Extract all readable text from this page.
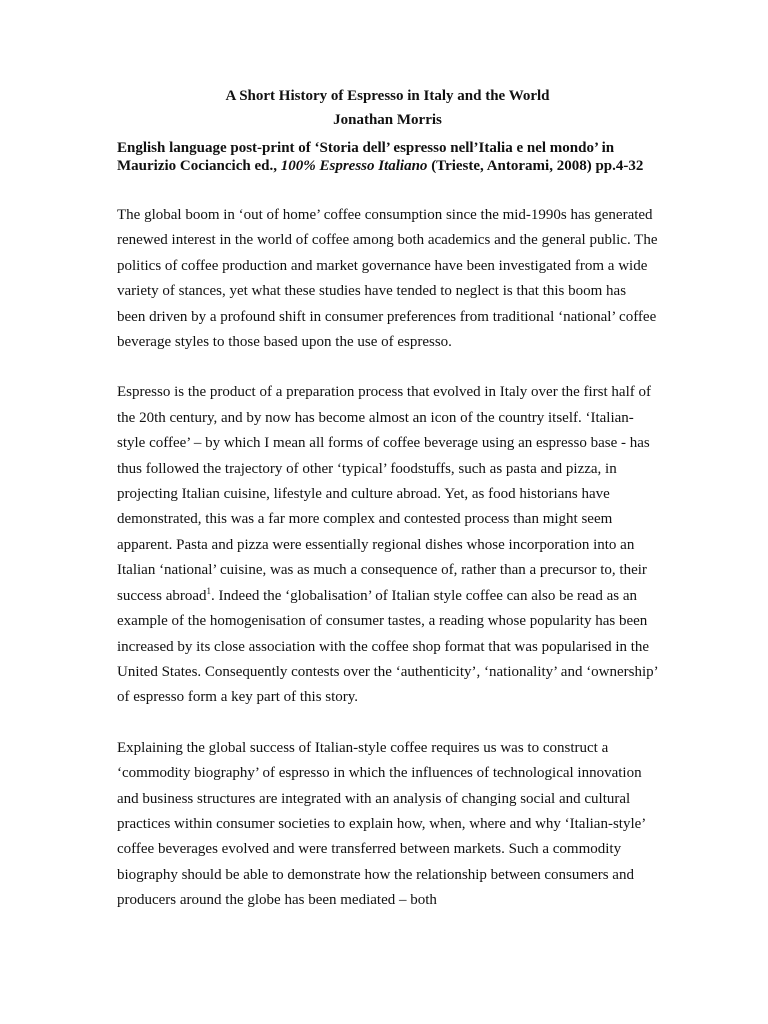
A Short History of Espresso in Italy and the World
Jonathan Morris
English language post-print of ‘Storia dell’ espresso nell’Italia e nel mondo’ in Maurizio Cociancich ed., 100% Espresso Italiano (Trieste, Antorami, 2008) pp.4-32

The global boom in ‘out of home’ coffee consumption since the mid-1990s has generated renewed interest in the world of coffee among both academics and the general public. The politics of coffee production and market governance have been investigated from a wide variety of stances, yet what these studies have tended to neglect is that this boom has been driven by a profound shift in consumer preferences from traditional ‘national’ coffee beverage styles to those based upon the use of espresso.

Espresso is the product of a preparation process that evolved in Italy over the first half of the 20th century, and by now has become almost an icon of the country itself. ‘Italian-style coffee’ – by which I mean all forms of coffee beverage using an espresso base - has thus followed the trajectory of other ‘typical’ foodstuffs, such as pasta and pizza, in projecting Italian cuisine, lifestyle and culture abroad. Yet, as food historians have demonstrated, this was a far more complex and contested process than might seem apparent. Pasta and pizza were essentially regional dishes whose incorporation into an Italian ‘national’ cuisine, was as much a consequence of, rather than a precursor to, their success abroad$^1$. Indeed the ‘globalisation’ of Italian style coffee can also be read as an example of the homogenisation of consumer tastes, a reading whose popularity has been increased by its close association with the coffee shop format that was popularised in the United States. Consequently contests over the ‘authenticity’, ‘nationality’ and ‘ownership’ of espresso form a key part of this story.

Explaining the global success of Italian-style coffee requires us was to construct a ‘commodity biography’ of espresso in which the influences of technological innovation and business structures are integrated with an analysis of changing social and cultural practices within consumer societies to explain how, when, where and why ‘Italian-style’ coffee beverages evolved and were transferred between markets. Such a commodity biography should be able to demonstrate how the relationship between consumers and producers around the globe has been mediated – both
